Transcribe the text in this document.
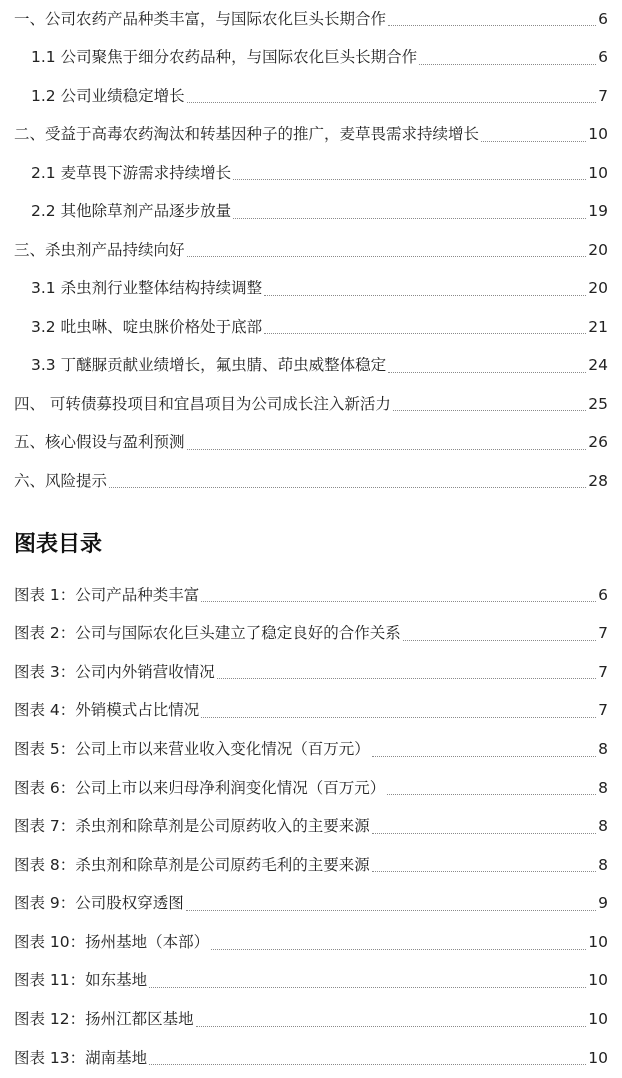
一、公司农药产品种类丰富，与国际农化巨头长期合作	6
1.1 公司聚焦于细分农药品种，与国际农化巨头长期合作	6
1.2 公司业绩稳定增长	7
二、受益于高毒农药淘汰和转基因种子的推广，麦草畏需求持续增长	10
2.1 麦草畏下游需求持续增长	10
2.2 其他除草剂产品逐步放量	19
三、杀虫剂产品持续向好	20
3.1 杀虫剂行业整体结构持续调整	20
3.2 吡虫啉、啶虫脒价格处于底部	21
3.3 丁醚脲贡献业绩增长，氟虫腈、茚虫威整体稳定	24
四、 可转债募投项目和宜昌项目为公司成长注入新活力	25
五、核心假设与盈利预测	26
六、风险提示	28
图表目录
图表 1：公司产品种类丰富	6
图表 2：公司与国际农化巨头建立了稳定良好的合作关系	7
图表 3：公司内外销营收情况	7
图表 4：外销模式占比情况	7
图表 5：公司上市以来营业收入变化情况（百万元）	8
图表 6：公司上市以来归母净利润变化情况（百万元）	8
图表 7：杀虫剂和除草剂是公司原药收入的主要来源	8
图表 8：杀虫剂和除草剂是公司原药毛利的主要来源	8
图表 9：公司股权穿透图	9
图表 10：扬州基地（本部）	10
图表 11：如东基地	10
图表 12：扬州江都区基地	10
图表 13：湖南基地	10
